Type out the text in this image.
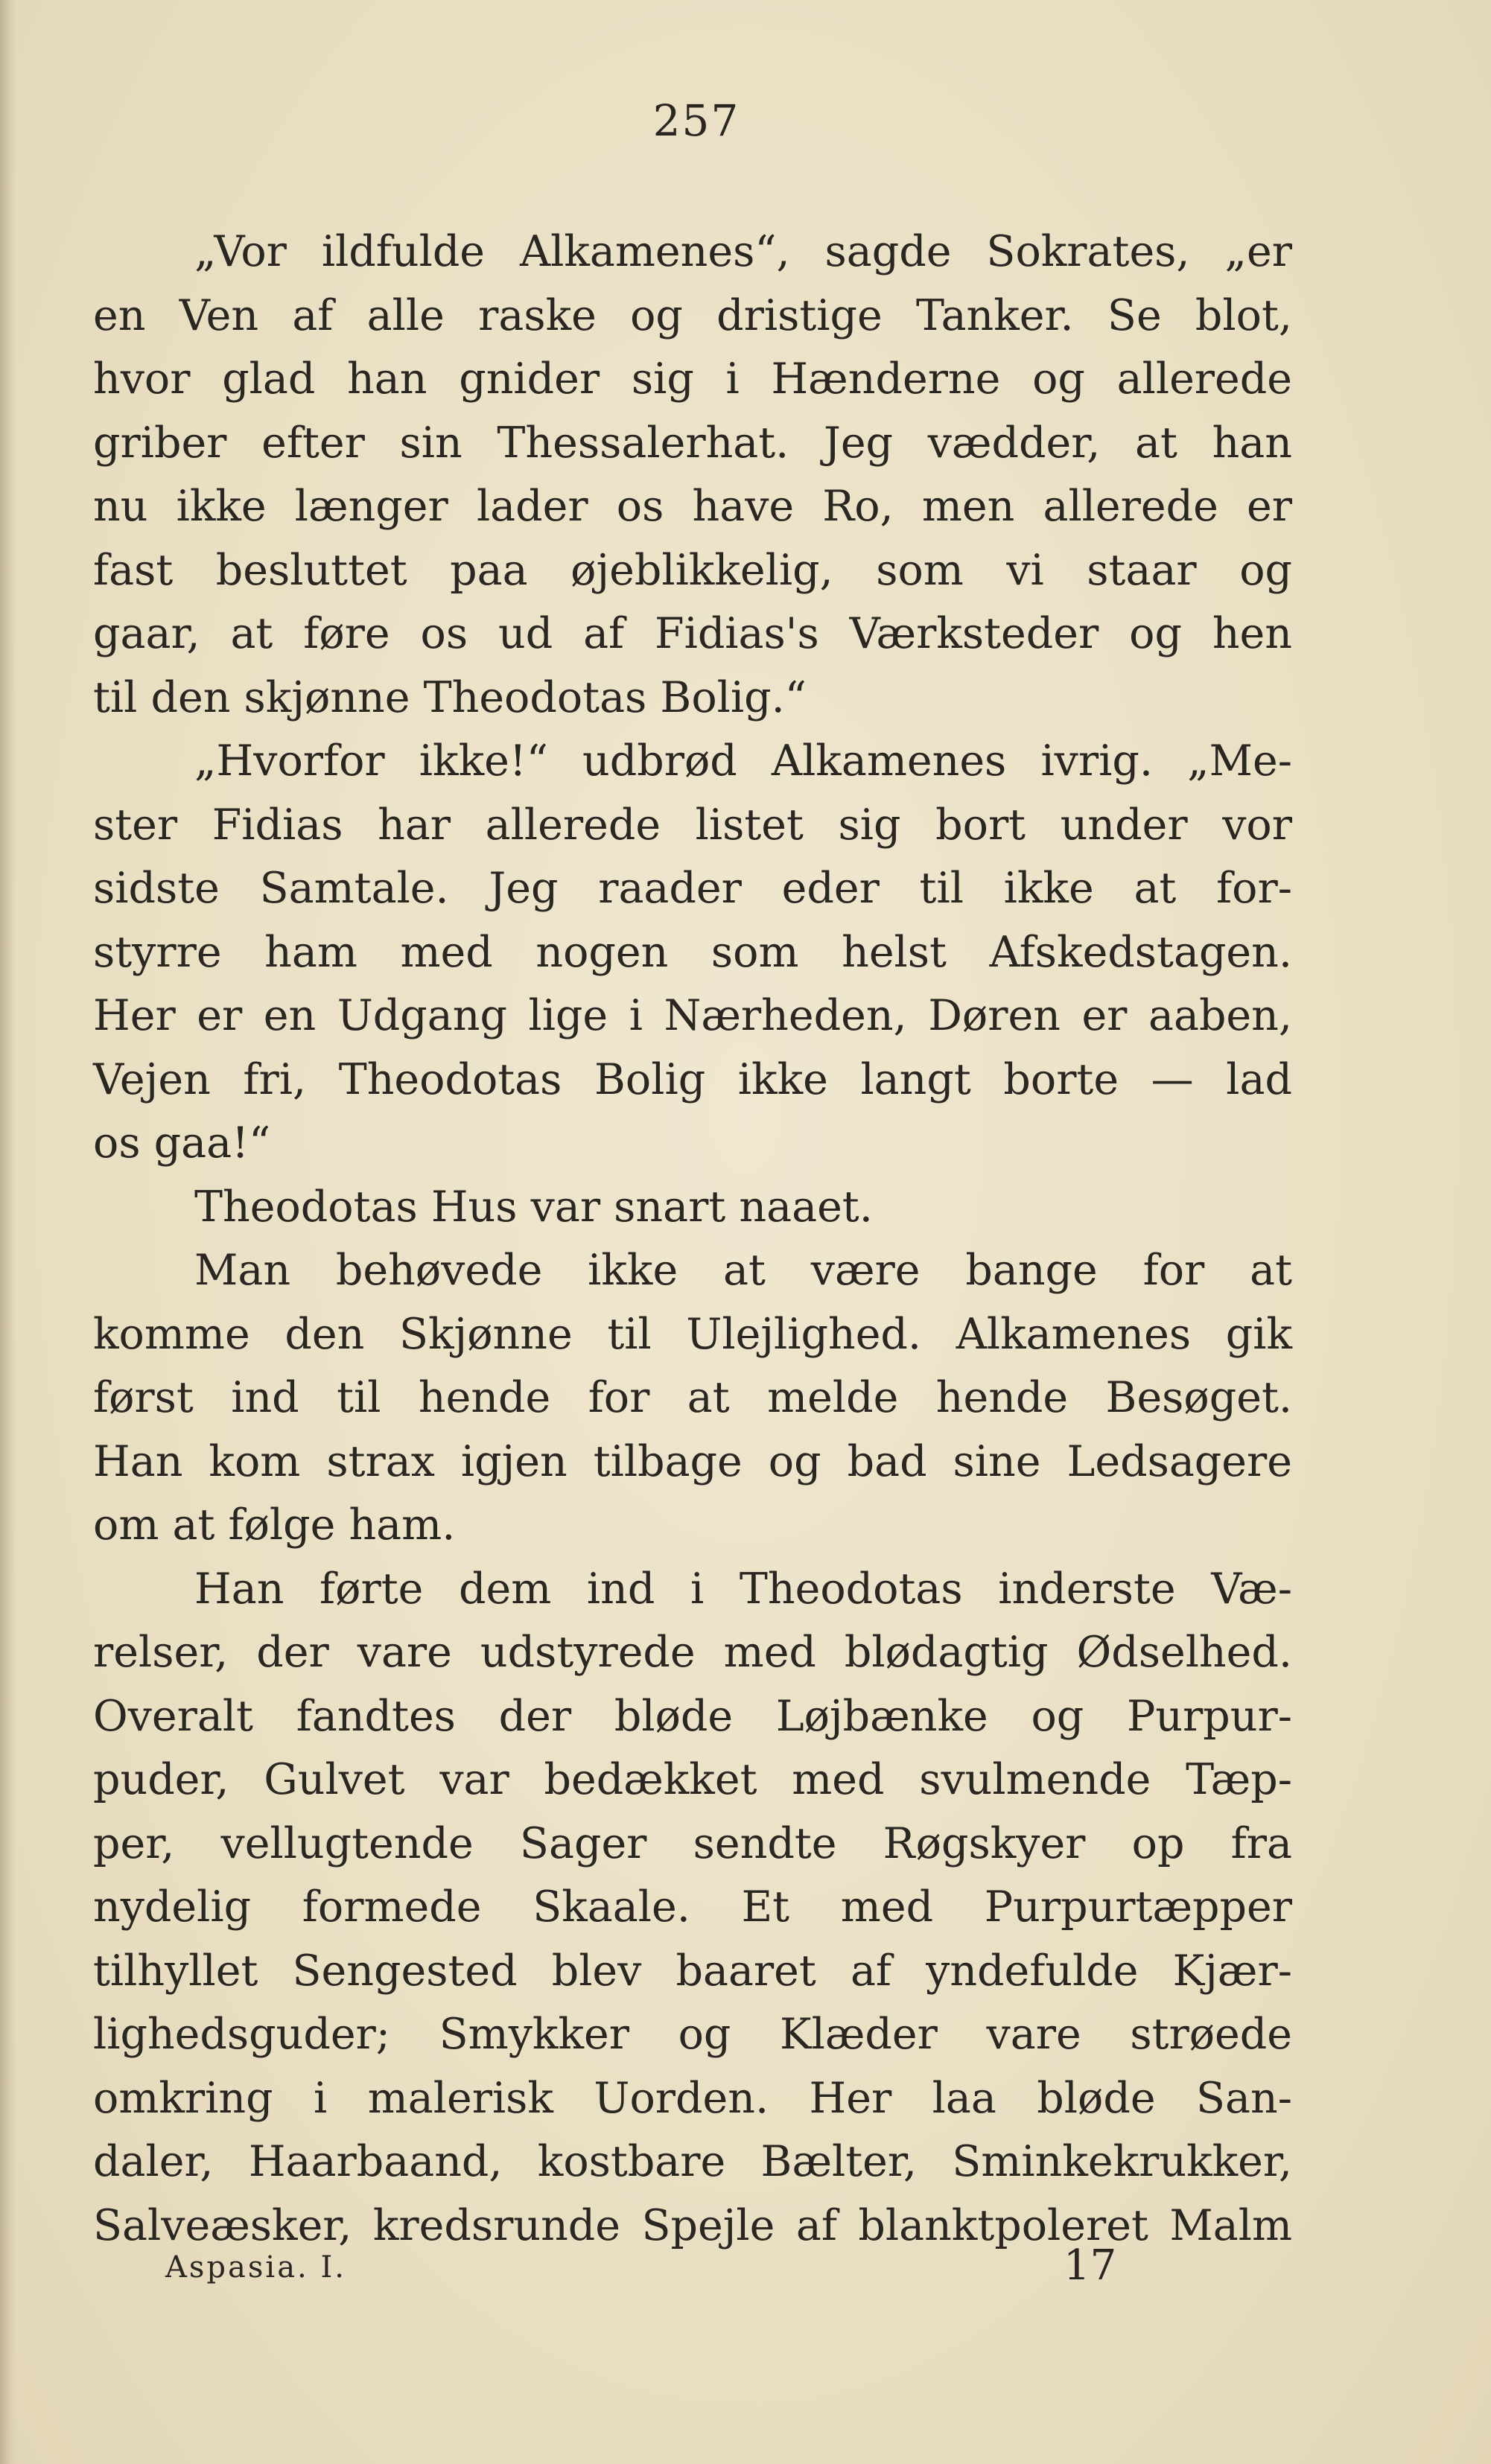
257
„Vor ildfulde Alkamenes“, sagde Sokrates, „er
en Ven af alle raske og dristige Tanker. Se blot,
hvor glad han gnider sig i Hænderne og allerede
griber efter sin Thessalerhat. Jeg vædder, at han
nu ikke længer lader os have Ro, men allerede er
fast besluttet paa øjeblikkelig, som vi staar og
gaar, at føre os ud af Fidias's Værksteder og hen
til den skjønne Theodotas Bolig.“
„Hvorfor ikke!“ udbrød Alkamenes ivrig. „Me-
ster Fidias har allerede listet sig bort under vor
sidste Samtale. Jeg raader eder til ikke at for-
styrre ham med nogen som helst Afskedstagen.
Her er en Udgang lige i Nærheden, Døren er aaben,
Vejen fri, Theodotas Bolig ikke langt borte — lad
os gaa!“
Theodotas Hus var snart naaet.
Man behøvede ikke at være bange for at
komme den Skjønne til Ulejlighed. Alkamenes gik
først ind til hende for at melde hende Besøget.
Han kom strax igjen tilbage og bad sine Ledsagere
om at følge ham.
Han førte dem ind i Theodotas inderste Væ-
relser, der vare udstyrede med blødagtig Ødselhed.
Overalt fandtes der bløde Løjbænke og Purpur-
puder, Gulvet var bedækket med svulmende Tæp-
per, vellugtende Sager sendte Røgskyer op fra
nydelig formede Skaale. Et med Purpurtæpper
tilhyllet Sengested blev baaret af yndefulde Kjær-
lighedsguder; Smykker og Klæder vare strøede
omkring i malerisk Uorden. Her laa bløde San-
daler, Haarbaand, kostbare Bælter, Sminkekrukker,
Salveæsker, kredsrunde Spejle af blanktpoleret Malm
Aspasia. I.	17
